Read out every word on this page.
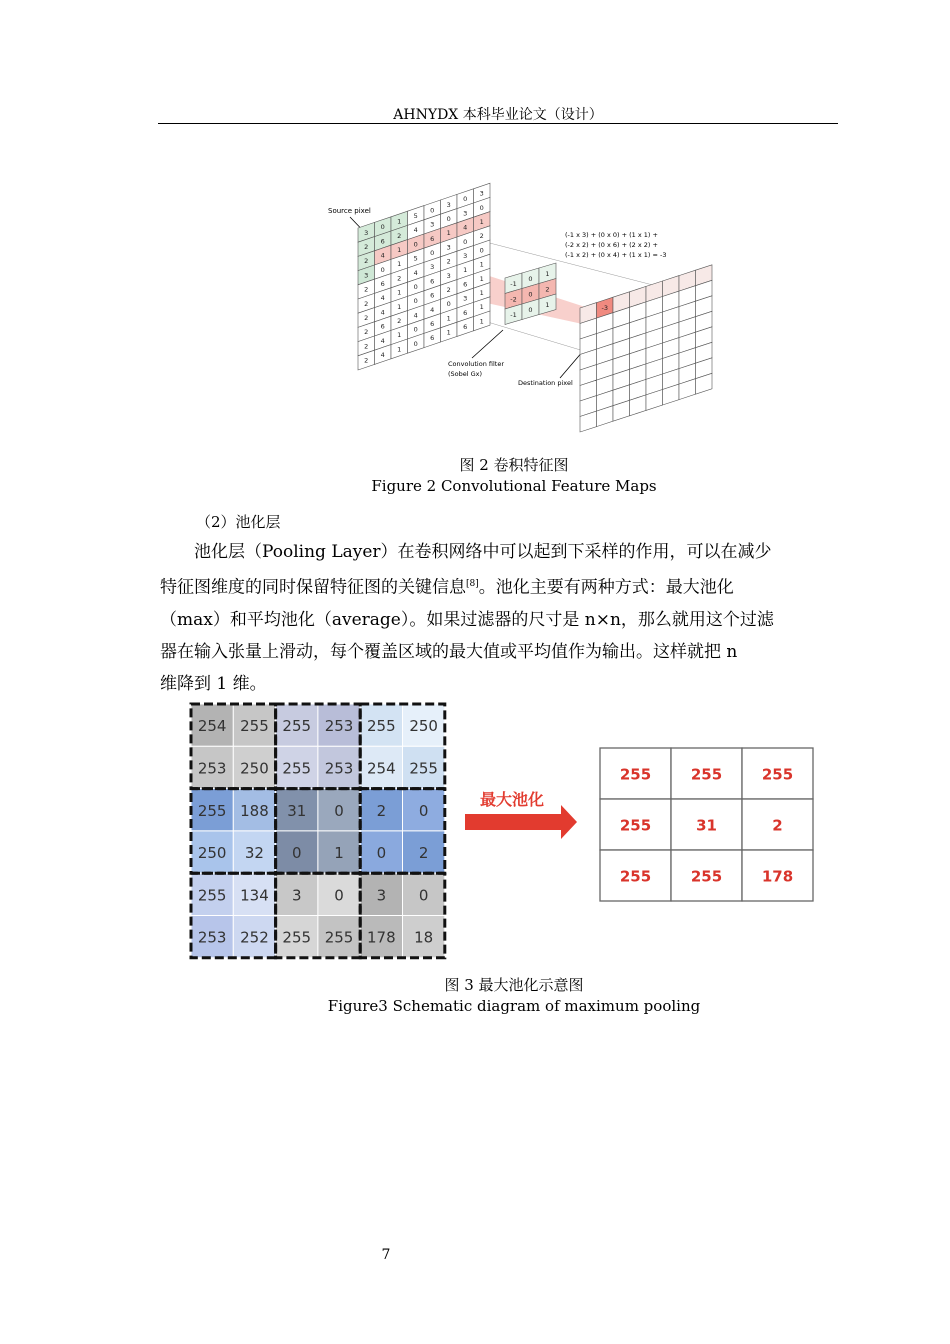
AHNYDX 本科毕业论文（设计）
Source pixel
(-1 x 3) + (0 x 0) + (1 x 1) +
(-2 x 2) + (0 x 6) + (2 x 2) +
(-1 x 2) + (0 x 4) + (1 x 1) = -3
Convolution filter
(Sobel Gx)
Destination pixel
3
0
1
5
0
3
0
3
2
6
2
4
3
0
3
0
2
4
1
0
6
1
4
1
3
0
1
5
0
3
0
2
2
6
2
4
3
2
3
0
2
4
1
0
6
3
1
1
2
4
1
0
6
2
6
1
2
6
2
4
4
0
3
1
2
4
1
0
6
1
6
1
2
4
1
0
6
1
6
1
-1
0
1
-2
0
2
-1
0
1	-3
图 2 卷积特征图
Figure 2 Convolutional Feature Maps
（2）池化层
池化层（Pooling Layer）在卷积网络中可以起到下采样的作用，可以在减少
特征图维度的同时保留特征图的关键信息[8]。池化主要有两种方式：最大池化
（max）和平均池化（average）。如果过滤器的尺寸是 n×n，那么就用这个过滤
器在输入张量上滑动，每个覆盖区域的最大值或平均值作为输出。这样就把 n
维降到 1 维。
254 255 255 253 255 250
253 250 255 253 254 255
255 188 31 0 2 0
250 32 0 1 0 2
255 134 3 0 3 0
253 252 255 255 178 18
最大池化
255	255	255
255	31	2
255	255	178
图 3 最大池化示意图
Figure3 Schematic diagram of maximum pooling
7
